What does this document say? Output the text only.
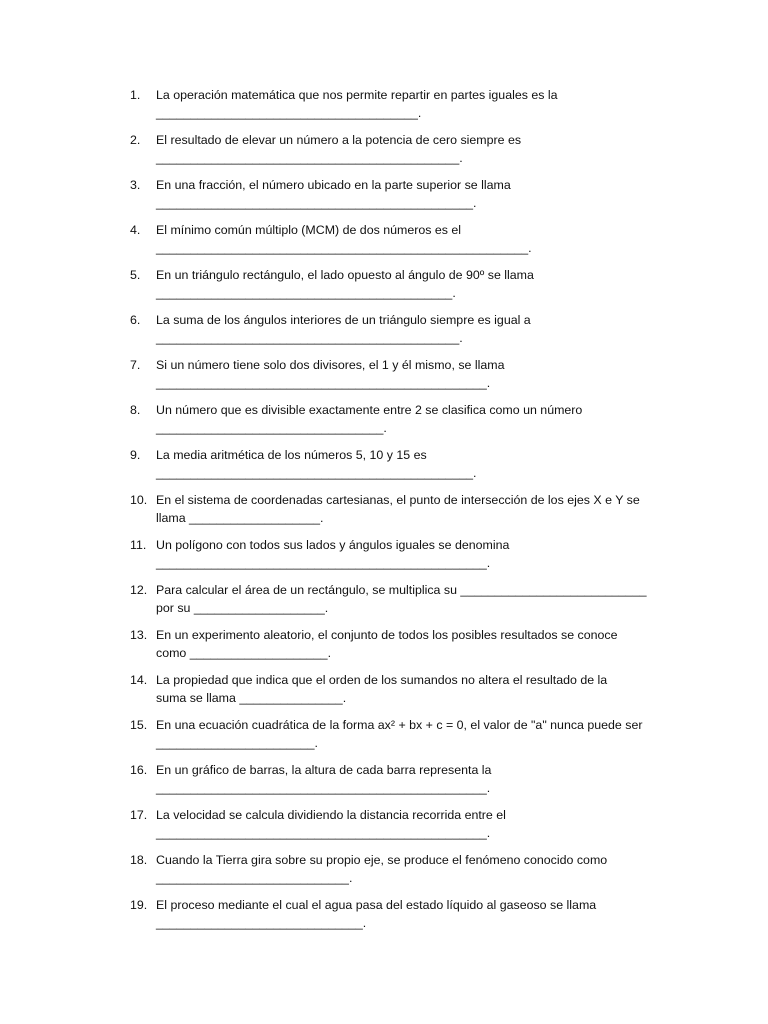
1.	La operación matemática que nos permite repartir en partes iguales es la
______________________________________.
2.	El resultado de elevar un número a la potencia de cero siempre es
____________________________________________.
3.	En una fracción, el número ubicado en la parte superior se llama
______________________________________________.
4.	El mínimo común múltiplo (MCM) de dos números es el
______________________________________________________.
5.	En un triángulo rectángulo, el lado opuesto al ángulo de 90º se llama
___________________________________________.
6.	La suma de los ángulos interiores de un triángulo siempre es igual a
____________________________________________.
7.	Si un número tiene solo dos divisores, el 1 y él mismo, se llama
________________________________________________.
8.	Un número que es divisible exactamente entre 2 se clasifica como un número
_________________________________.
9.	La media aritmética de los números 5, 10 y 15 es
______________________________________________.
10. En el sistema de coordenadas cartesianas, el punto de intersección de los ejes X e Y se
llama ___________________.
11. Un polígono con todos sus lados y ángulos iguales se denomina
________________________________________________.
12. Para calcular el área de un rectángulo, se multiplica su ___________________________
por su ___________________.
13. En un experimento aleatorio, el conjunto de todos los posibles resultados se conoce
como ____________________.
14. La propiedad que indica que el orden de los sumandos no altera el resultado de la
suma se llama _______________.
15. En una ecuación cuadrática de la forma ax² + bx + c = 0, el valor de "a" nunca puede ser
_______________________.
16. En un gráfico de barras, la altura de cada barra representa la
________________________________________________.
17. La velocidad se calcula dividiendo la distancia recorrida entre el
________________________________________________.
18. Cuando la Tierra gira sobre su propio eje, se produce el fenómeno conocido como
____________________________.
19. El proceso mediante el cual el agua pasa del estado líquido al gaseoso se llama
______________________________.
